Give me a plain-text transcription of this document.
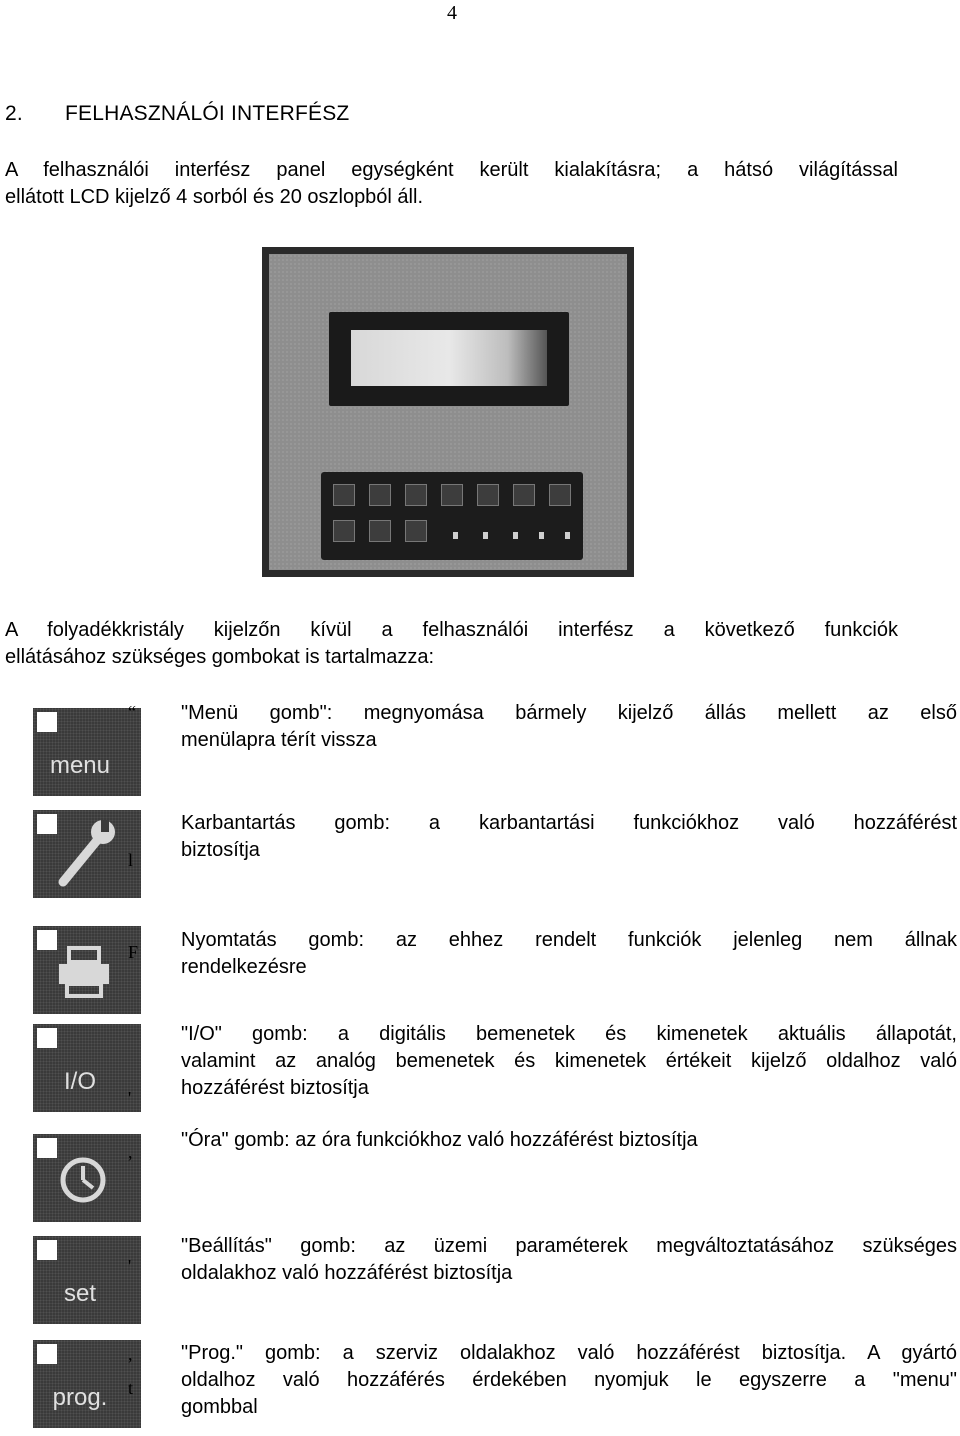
4
2. FELHASZNÁLÓI INTERFÉSZ
A felhasználói interfész panel egységként került kialakításra; a hátsó világítással
ellátott LCD kijelző 4 sorból és 20 oszlopból áll.
A folyadékkristály kijelzőn kívül a felhasználói interfész a következő funkciók
ellátásához szükséges gombokat is tartalmazza:
menu
“ "Menü gomb": megnyomása bármely kijelző állás mellett az első
menülapra térít vissza
l
Karbantartás gomb: a karbantartási funkciókhoz való hozzáférést
biztosítja
F
Nyomtatás gomb: az ehhez rendelt funkciók jelenleg nem állnak
rendelkezésre
I/O
'
"I/O" gomb: a digitális bemenetek és kimenetek aktuális állapotát,
valamint az analóg bemenetek és kimenetek értékeit kijelző oldalhoz való
hozzáférést biztosítja
,
"Óra" gomb: az óra funkciókhoz való hozzáférést biztosítja
set
'
"Beállítás" gomb: az üzemi paraméterek megváltoztatásához szükséges
oldalakhoz való hozzáférést biztosítja
prog.
,
t
"Prog." gomb: a szerviz oldalakhoz való hozzáférést biztosítja. A gyártó
oldalhoz való hozzáférés érdekében nyomjuk le egyszerre a "menu"
gombbal
